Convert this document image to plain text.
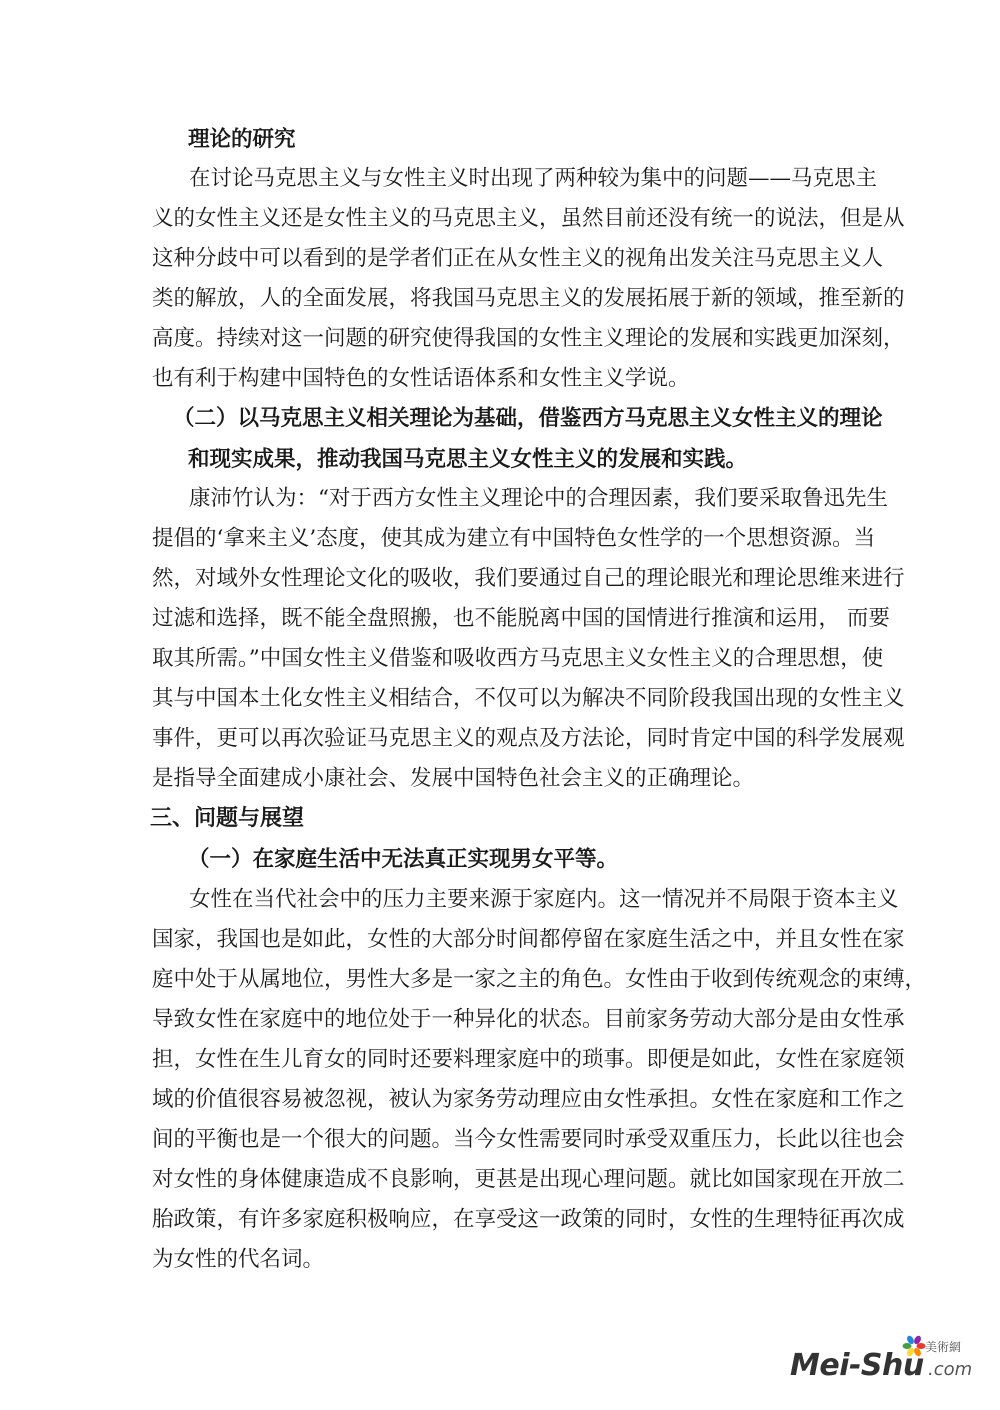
理论的研究
在讨论马克思主义与女性主义时出现了两种较为集中的问题——马克思主
义的女性主义还是女性主义的马克思主义，虽然目前还没有统一的说法，但是从
这种分歧中可以看到的是学者们正在从女性主义的视角出发关注马克思主义人
类的解放，人的全面发展，将我国马克思主义的发展拓展于新的领域，推至新的
高度。持续对这一问题的研究使得我国的女性主义理论的发展和实践更加深刻，
也有利于构建中国特色的女性话语体系和女性主义学说。
（二）以马克思主义相关理论为基础，借鉴西方马克思主义女性主义的理论
和现实成果，推动我国马克思主义女性主义的发展和实践。
康沛竹认为：“对于西方女性主义理论中的合理因素，我们要采取鲁迅先生
提倡的‘拿来主义’态度，使其成为建立有中国特色女性学的一个思想资源。当
然，对域外女性理论文化的吸收，我们要通过自己的理论眼光和理论思维来进行
过滤和选择，既不能全盘照搬，也不能脱离中国的国情进行推演和运用， 而要
取其所需。”中国女性主义借鉴和吸收西方马克思主义女性主义的合理思想，使
其与中国本土化女性主义相结合，不仅可以为解决不同阶段我国出现的女性主义
事件，更可以再次验证马克思主义的观点及方法论，同时肯定中国的科学发展观
是指导全面建成小康社会、发展中国特色社会主义的正确理论。
三、问题与展望
（一）在家庭生活中无法真正实现男女平等。
女性在当代社会中的压力主要来源于家庭内。这一情况并不局限于资本主义
国家，我国也是如此，女性的大部分时间都停留在家庭生活之中，并且女性在家
庭中处于从属地位，男性大多是一家之主的角色。女性由于收到传统观念的束缚，
导致女性在家庭中的地位处于一种异化的状态。目前家务劳动大部分是由女性承
担，女性在生儿育女的同时还要料理家庭中的琐事。即便是如此，女性在家庭领
域的价值很容易被忽视，被认为家务劳动理应由女性承担。女性在家庭和工作之
间的平衡也是一个很大的问题。当今女性需要同时承受双重压力，长此以往也会
对女性的身体健康造成不良影响，更甚是出现心理问题。就比如国家现在开放二
胎政策，有许多家庭积极响应，在享受这一政策的同时，女性的生理特征再次成
为女性的代名词。
美術網
Mei-Shu .com
